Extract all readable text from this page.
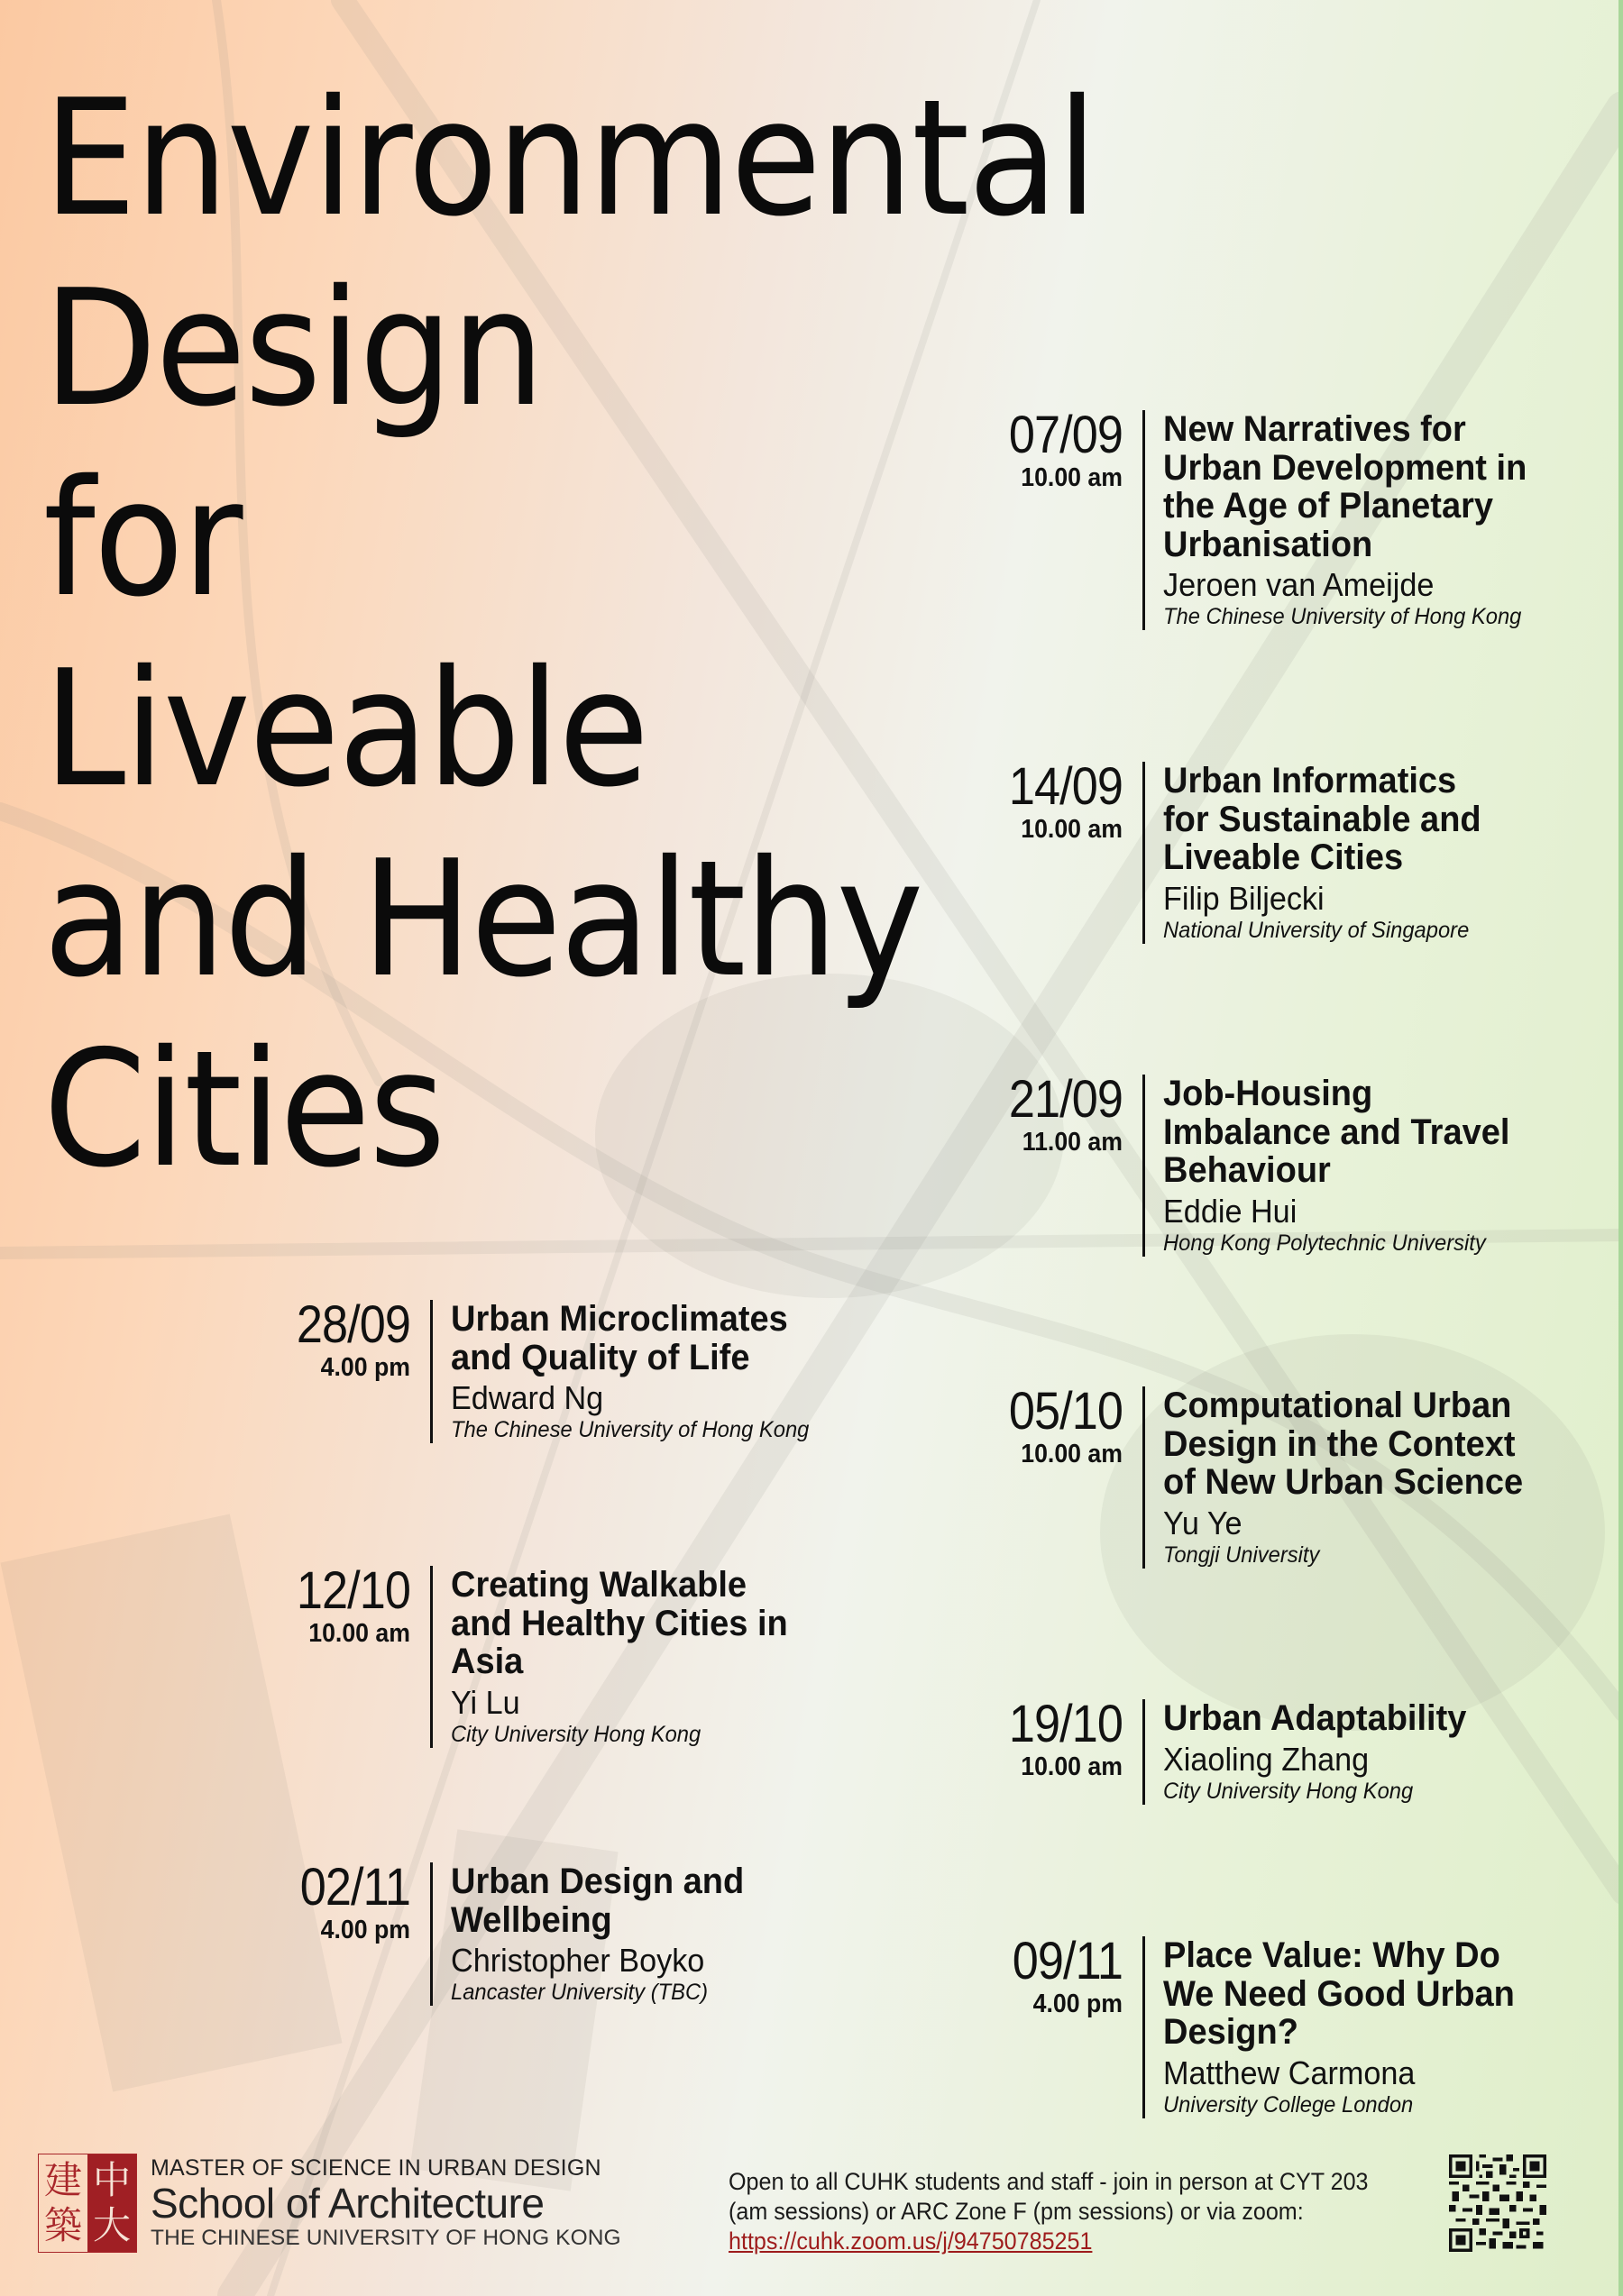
Environmental
Design
for
Liveable
and Healthy
Cities
07/09
10.00 am
New Narratives for
Urban Development in
the Age of Planetary
Urbanisation
Jeroen van Ameijde
The Chinese University of Hong Kong
14/09
10.00 am
Urban Informatics
for Sustainable and
Liveable Cities
Filip Biljecki
National University of Singapore
21/09
11.00 am
Job-Housing
Imbalance and Travel
Behaviour
Eddie Hui
Hong Kong Polytechnic University
05/10
10.00 am
Computational Urban
Design in the Context
of New Urban Science
Yu Ye
Tongji University
19/10
10.00 am
Urban Adaptability
Xiaoling Zhang
City University Hong Kong
09/11
4.00 pm
Place Value: Why Do
We Need Good Urban
Design?
Matthew Carmona
University College London
28/09
4.00 pm
Urban Microclimates
and Quality of Life
Edward Ng
The Chinese University of Hong Kong
12/10
10.00 am
Creating Walkable
and Healthy Cities in
Asia
Yi Lu
City University Hong Kong
02/11
4.00 pm
Urban Design and
Wellbeing
Christopher Boyko
Lancaster University (TBC)
建
築
中
大
MASTER OF SCIENCE IN URBAN DESIGN
School of Architecture
THE CHINESE UNIVERSITY OF HONG KONG
Open to all CUHK students and staff - join in person at CYT 203
(am sessions) or ARC Zone F (pm sessions) or via zoom:
https://cuhk.zoom.us/j/94750785251
